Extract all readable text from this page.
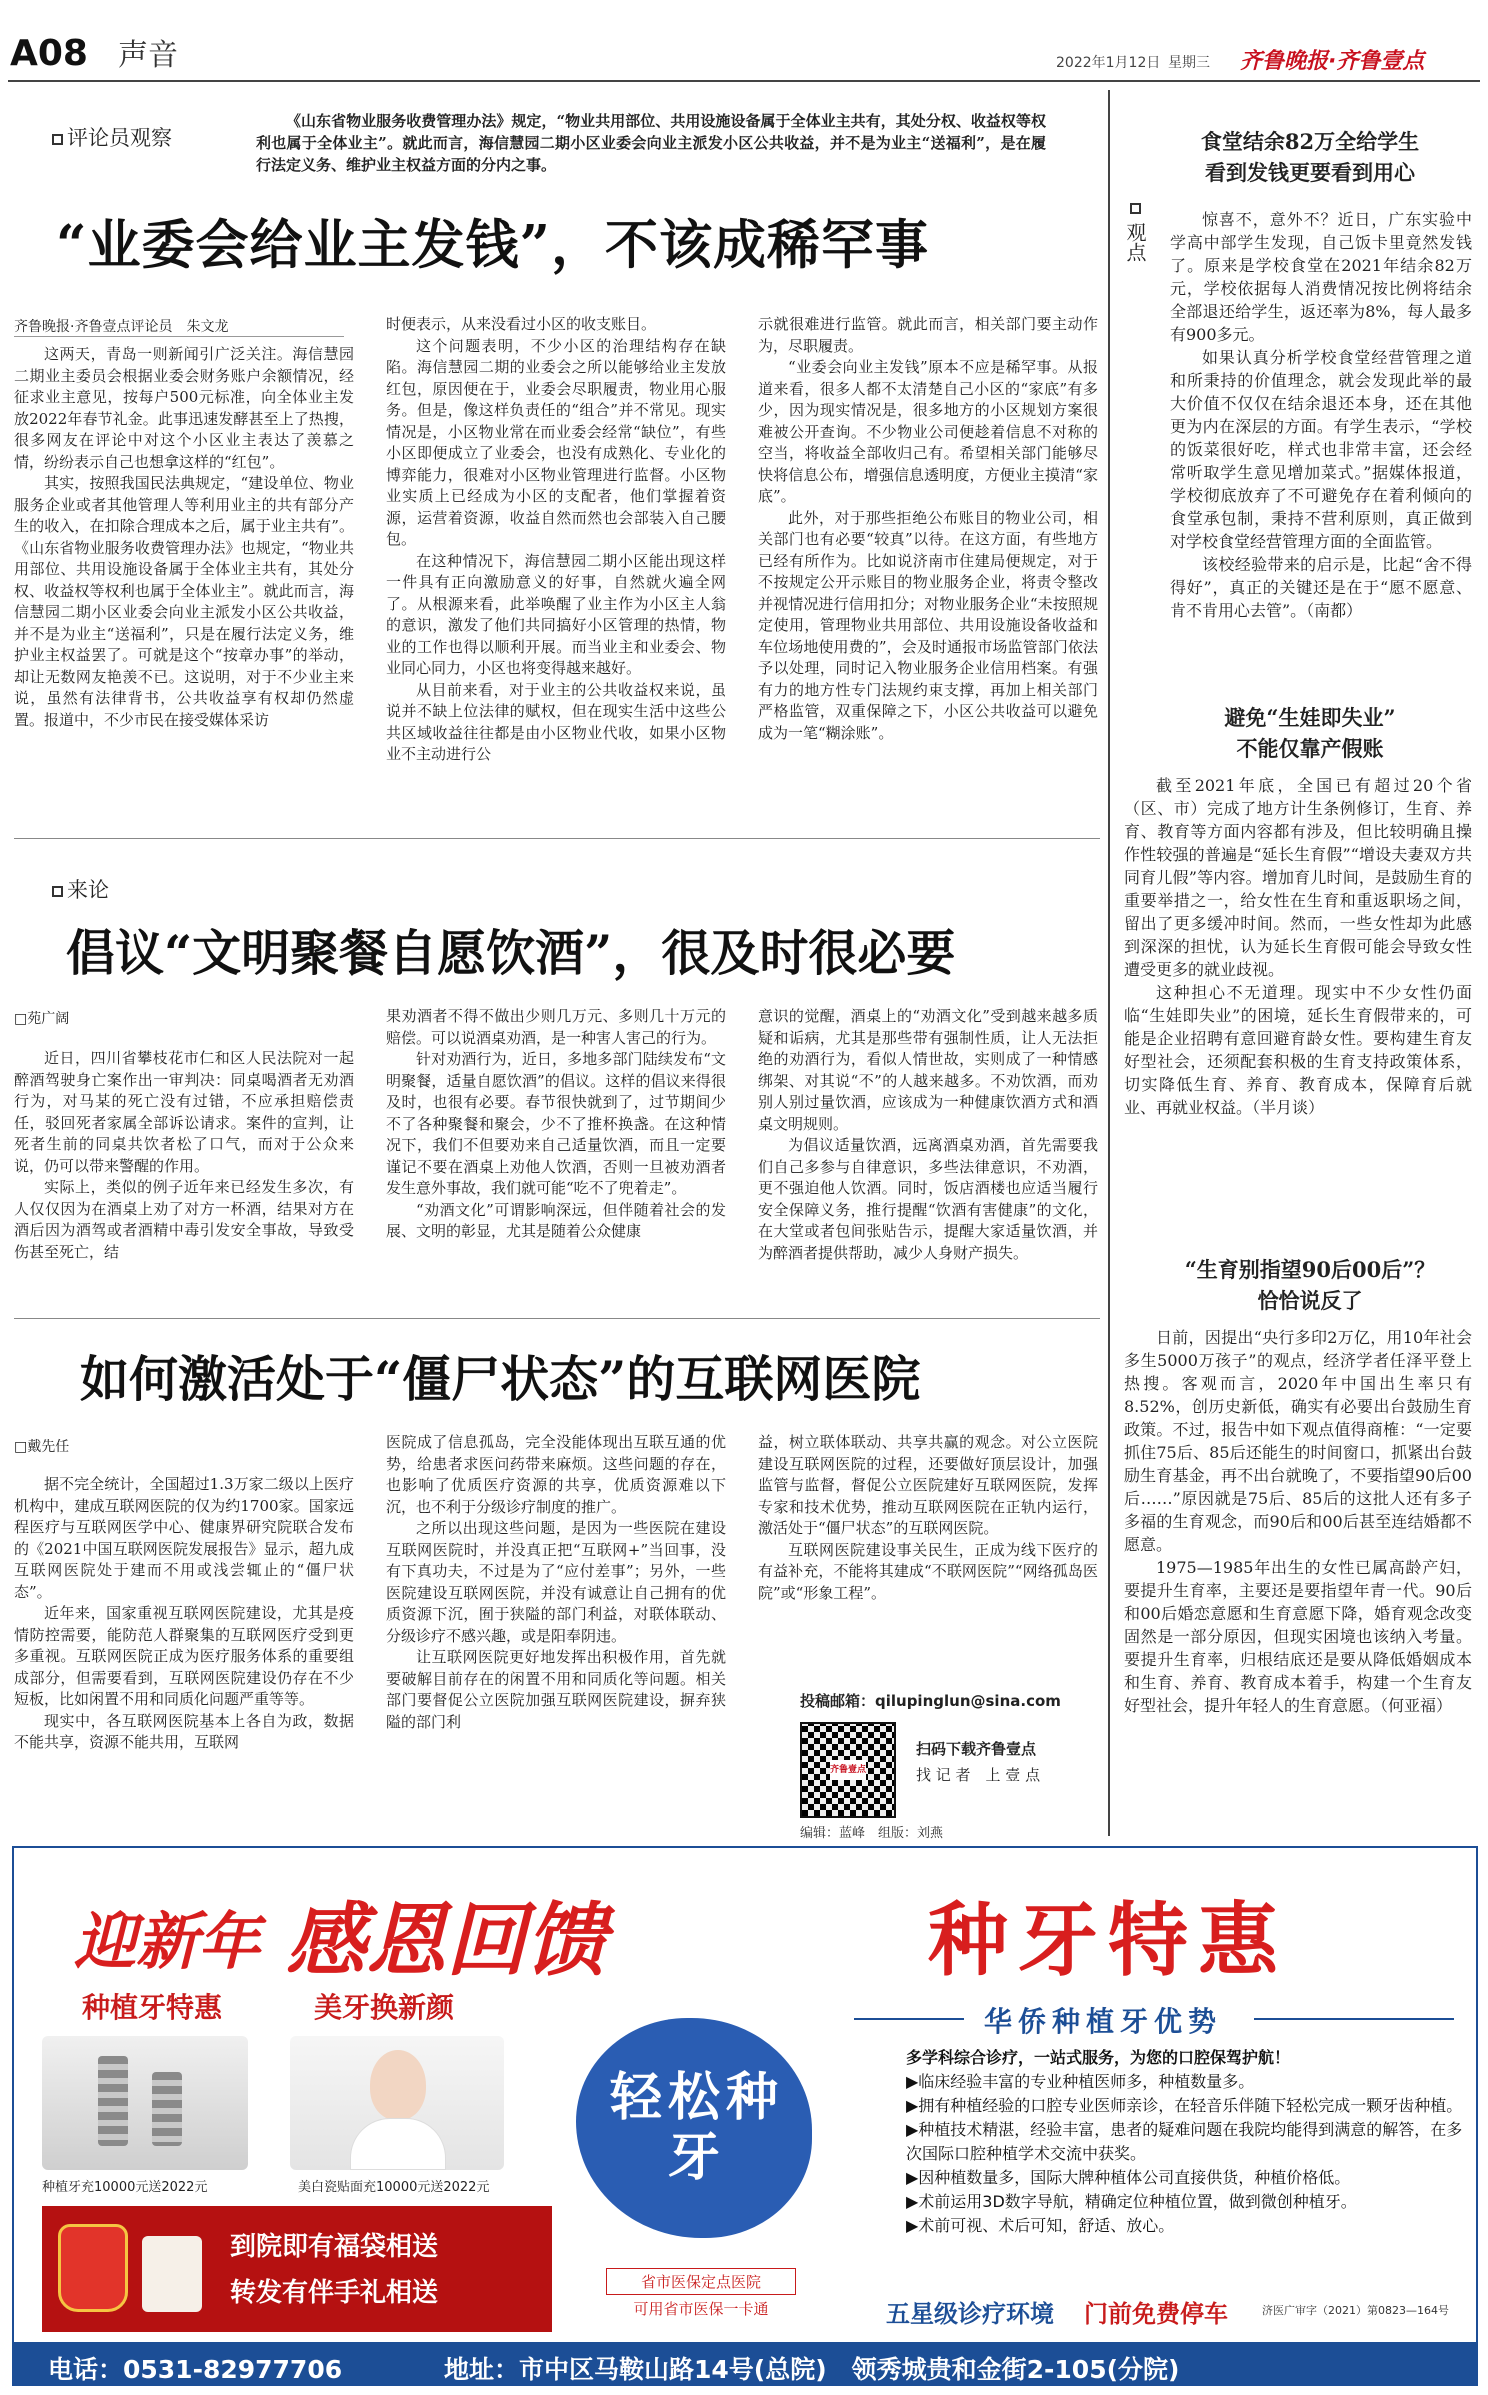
A08 声音	2022年1月12日 星期三 齐鲁晚报·齐鲁壹点
评论员观察
《山东省物业服务收费管理办法》规定，“物业共用部位、共用设施设备属于全体业主共有，其处分权、收益权等权利也属于全体业主”。就此而言，海信慧园二期小区业委会向业主派发小区公共收益，并不是为业主“送福利”，是在履行法定义务、维护业主权益方面的分内之事。
“业委会给业主发钱”，不该成稀罕事
齐鲁晚报·齐鲁壹点评论员　朱文龙

这两天，青岛一则新闻引广泛关注。海信慧园二期业主委员会根据业委会财务账户余额情况，经征求业主意见，按每户500元标准，向全体业主发放2022年春节礼金。此事迅速发酵甚至上了热搜，很多网友在评论中对这个小区业主表达了羡慕之情，纷纷表示自己也想拿这样的“红包”。

其实，按照我国民法典规定，“建设单位、物业服务企业或者其他管理人等利用业主的共有部分产生的收入，在扣除合理成本之后，属于业主共有”。《山东省物业服务收费管理办法》也规定，“物业共用部位、共用设施设备属于全体业主共有，其处分权、收益权等权利也属于全体业主”。就此而言，海信慧园二期小区业委会向业主派发小区公共收益，并不是为业主“送福利”，只是在履行法定义务，维护业主权益罢了。可就是这个“按章办事”的举动，却让无数网友艳羡不已。这说明，对于不少业主来说，虽然有法律背书，公共收益享有权却仍然虚置。报道中，不少市民在接受媒体采访

时便表示，从来没看过小区的收支账目。

这个问题表明，不少小区的治理结构存在缺陷。海信慧园二期的业委会之所以能够给业主发放红包，原因便在于，业委会尽职履责，物业用心服务。但是，像这样负责任的“组合”并不常见。现实情况是，小区物业常在而业委会经常“缺位”，有些小区即便成立了业委会，也没有成熟化、专业化的博弈能力，很难对小区物业管理进行监督。小区物业实质上已经成为小区的支配者，他们掌握着资源，运营着资源，收益自然而然也会部装入自己腰包。

在这种情况下，海信慧园二期小区能出现这样一件具有正向激励意义的好事，自然就火遍全网了。从根源来看，此举唤醒了业主作为小区主人翁的意识，激发了他们共同搞好小区管理的热情，物业的工作也得以顺利开展。而当业主和业委会、物业同心同力，小区也将变得越来越好。

从目前来看，对于业主的公共收益权来说，虽说并不缺上位法律的赋权，但在现实生活中这些公共区域收益往往都是由小区物业代收，如果小区物业不主动进行公

示就很难进行监管。就此而言，相关部门要主动作为，尽职履责。

“业委会向业主发钱”原本不应是稀罕事。从报道来看，很多人都不太清楚自己小区的“家底”有多少，因为现实情况是，很多地方的小区规划方案很难被公开查询。不少物业公司便趁着信息不对称的空当，将收益全部收归己有。希望相关部门能够尽快将信息公布，增强信息透明度，方便业主摸清“家底”。

此外，对于那些拒绝公布账目的物业公司，相关部门也有必要“较真”以待。在这方面，有些地方已经有所作为。比如说济南市住建局便规定，对于不按规定公开示账目的物业服务企业，将责令整改并视情况进行信用扣分；对物业服务企业“未按照规定使用，管理物业共用部位、共用设施设备收益和车位场地使用费的”，会及时通报市场监管部门依法予以处理，同时记入物业服务企业信用档案。有强有力的地方性专门法规约束支撑，再加上相关部门严格监管，双重保障之下，小区公共收益可以避免成为一笔“糊涂账”。

食堂结余82万全给学生
看到发钱更要看到用心
观点

惊喜不，意外不？近日，广东实验中学高中部学生发现，自己饭卡里竟然发钱了。原来是学校食堂在2021年结余82万元，学校依据每人消费情况按比例将结余全部退还给学生，返还率为8%，每人最多有900多元。

如果认真分析学校食堂经营管理之道和所秉持的价值理念，就会发现此举的最大价值不仅仅在结余退还本身，还在其他更为内在深层的方面。有学生表示，“学校的饭菜很好吃，样式也非常丰富，还会经常听取学生意见增加菜式。”据媒体报道，学校彻底放弃了不可避免存在着利倾向的食堂承包制，秉持不营利原则，真正做到对学校食堂经营管理方面的全面监管。

该校经验带来的启示是，比起“舍不得得好”，真正的关键还是在于“愿不愿意、肯不肯用心去管”。（南都）

避免“生娃即失业”
不能仅靠产假账

截至2021年底，全国已有超过20个省（区、市）完成了地方计生条例修订，生育、养育、教育等方面内容都有涉及，但比较明确且操作性较强的普遍是“延长生育假”“增设夫妻双方共同育儿假”等内容。增加育儿时间，是鼓励生育的重要举措之一，给女性在生育和重返职场之间，留出了更多缓冲时间。然而，一些女性却为此感到深深的担忧，认为延长生育假可能会导致女性遭受更多的就业歧视。

这种担心不无道理。现实中不少女性仍面临“生娃即失业”的困境，延长生育假带来的，可能是企业招聘有意回避育龄女性。要构建生育友好型社会，还须配套积极的生育支持政策体系，切实降低生育、养育、教育成本，保障育后就业、再就业权益。（半月谈）

“生育别指望90后00后”？
恰恰说反了

日前，因提出“央行多印2万亿，用10年社会多生5000万孩子”的观点，经济学者任泽平登上热搜。客观而言，2020年中国出生率只有8.52%，创历史新低，确实有必要出台鼓励生育政策。不过，报告中如下观点值得商榷：“一定要抓住75后、85后还能生的时间窗口，抓紧出台鼓励生育基金，再不出台就晚了，不要指望90后00后……”原因就是75后、85后的这批人还有多子多福的生育观念，而90后和00后甚至连结婚都不愿意。

1975—1985年出生的女性已属高龄产妇，要提升生育率，主要还是要指望年青一代。90后和00后婚恋意愿和生育意愿下降，婚育观念改变固然是一部分原因，但现实困境也该纳入考量。要提升生育率，归根结底还是要从降低婚姻成本和生育、养育、教育成本着手，构建一个生育友好型社会，提升年轻人的生育意愿。（何亚福）

来论
倡议“文明聚餐自愿饮酒”，很及时很必要
□苑广阔

近日，四川省攀枝花市仁和区人民法院对一起醉酒驾驶身亡案作出一审判决：同桌喝酒者无劝酒行为，对马某的死亡没有过错，不应承担赔偿责任，驳回死者家属全部诉讼请求。案件的宣判，让死者生前的同桌共饮者松了口气，而对于公众来说，仍可以带来警醒的作用。

实际上，类似的例子近年来已经发生多次，有人仅仅因为在酒桌上劝了对方一杯酒，结果对方在酒后因为酒驾或者酒精中毒引发安全事故，导致受伤甚至死亡，结

果劝酒者不得不做出少则几万元、多则几十万元的赔偿。可以说酒桌劝酒，是一种害人害己的行为。

针对劝酒行为，近日，多地多部门陆续发布“文明聚餐，适量自愿饮酒”的倡议。这样的倡议来得很及时，也很有必要。春节很快就到了，过节期间少不了各种聚餐和聚会，少不了推杯换盏。在这种情况下，我们不但要劝来自己适量饮酒，而且一定要谨记不要在酒桌上劝他人饮酒，否则一旦被劝酒者发生意外事故，我们就可能“吃不了兜着走”。

“劝酒文化”可谓影响深远，但伴随着社会的发展、文明的彰显，尤其是随着公众健康

意识的觉醒，酒桌上的“劝酒文化”受到越来越多质疑和诟病，尤其是那些带有强制性质，让人无法拒绝的劝酒行为，看似人情世故，实则成了一种情感绑架、对其说“不”的人越来越多。不劝饮酒，而劝别人别过量饮酒，应该成为一种健康饮酒方式和酒桌文明规则。

为倡议适量饮酒，远离酒桌劝酒，首先需要我们自己多参与自律意识，多些法律意识，不劝酒，更不强迫他人饮酒。同时，饭店酒楼也应适当履行安全保障义务，推行提醒“饮酒有害健康”的文化，在大堂或者包间张贴告示，提醒大家适量饮酒，并为醉酒者提供帮助，减少人身财产损失。

如何激活处于“僵尸状态”的互联网医院
□戴先任

据不完全统计，全国超过1.3万家二级以上医疗机构中，建成互联网医院的仅为约1700家。国家远程医疗与互联网医学中心、健康界研究院联合发布的《2021中国互联网医院发展报告》显示，超九成互联网医院处于建而不用或浅尝辄止的“僵尸状态”。

近年来，国家重视互联网医院建设，尤其是疫情防控需要，能防范人群聚集的互联网医疗受到更多重视。互联网医院正成为医疗服务体系的重要组成部分，但需要看到，互联网医院建设仍存在不少短板，比如闲置不用和同质化问题严重等等。

现实中，各互联网医院基本上各自为政，数据不能共享，资源不能共用，互联网

医院成了信息孤岛，完全没能体现出互联互通的优势，给患者求医问药带来麻烦。这些问题的存在，也影响了优质医疗资源的共享，优质资源难以下沉，也不利于分级诊疗制度的推广。

之所以出现这些问题，是因为一些医院在建设互联网医院时，并没真正把“互联网+”当回事，没有下真功夫，不过是为了“应付差事”；另外，一些医院建设互联网医院，并没有诚意让自己拥有的优质资源下沉，囿于狭隘的部门利益，对联体联动、分级诊疗不感兴趣，或是阳奉阴违。

让互联网医院更好地发挥出积极作用，首先就要破解目前存在的闲置不用和同质化等问题。相关部门要督促公立医院加强互联网医院建设，摒弃狭隘的部门利

益，树立联体联动、共享共赢的观念。对公立医院建设互联网医院的过程，还要做好顶层设计，加强监管与监督，督促公立医院建好互联网医院，发挥专家和技术优势，推动互联网医院在正轨内运行，激活处于“僵尸状态”的互联网医院。

互联网医院建设事关民生，正成为线下医疗的有益补充，不能将其建成“不联网医院”“网络孤岛医院”或“形象工程”。

投稿邮箱：qilupinglun@sina.com
齐鲁壹点
扫码下载齐鲁壹点
找 记 者　上 壹 点
编辑：蓝峰　组版：刘燕
迎新年 感恩回馈	种牙特惠
种植牙特惠	美牙换新颜
种植牙充10000元送2022元	美白瓷贴面充10000元送2022元
到院即有福袋相送
转发有伴手礼相送
轻松种牙
省市医保定点医院
可用省市医保一卡通
华侨种植牙优势
多学科综合诊疗，一站式服务，为您的口腔保驾护航！
▶临床经验丰富的专业种植医师多，种植数量多。
▶拥有种植经验的口腔专业医师亲诊，在轻音乐伴随下轻松完成一颗牙齿种植。
▶种植技术精湛，经验丰富，患者的疑难问题在我院均能得到满意的解答，在多次国际口腔种植学术交流中获奖。
▶因种植数量多，国际大牌种植体公司直接供货，种植价格低。
▶术前运用3D数字导航，精确定位种植位置，做到微创种植牙。
▶术前可视、术后可知，舒适、放心。
五星级诊疗环境 门前免费停车	济医广审字（2021）第0823—164号
电话：0531-82977706	地址：市中区马鞍山路14号(总院)　领秀城贵和金街2-105(分院)
